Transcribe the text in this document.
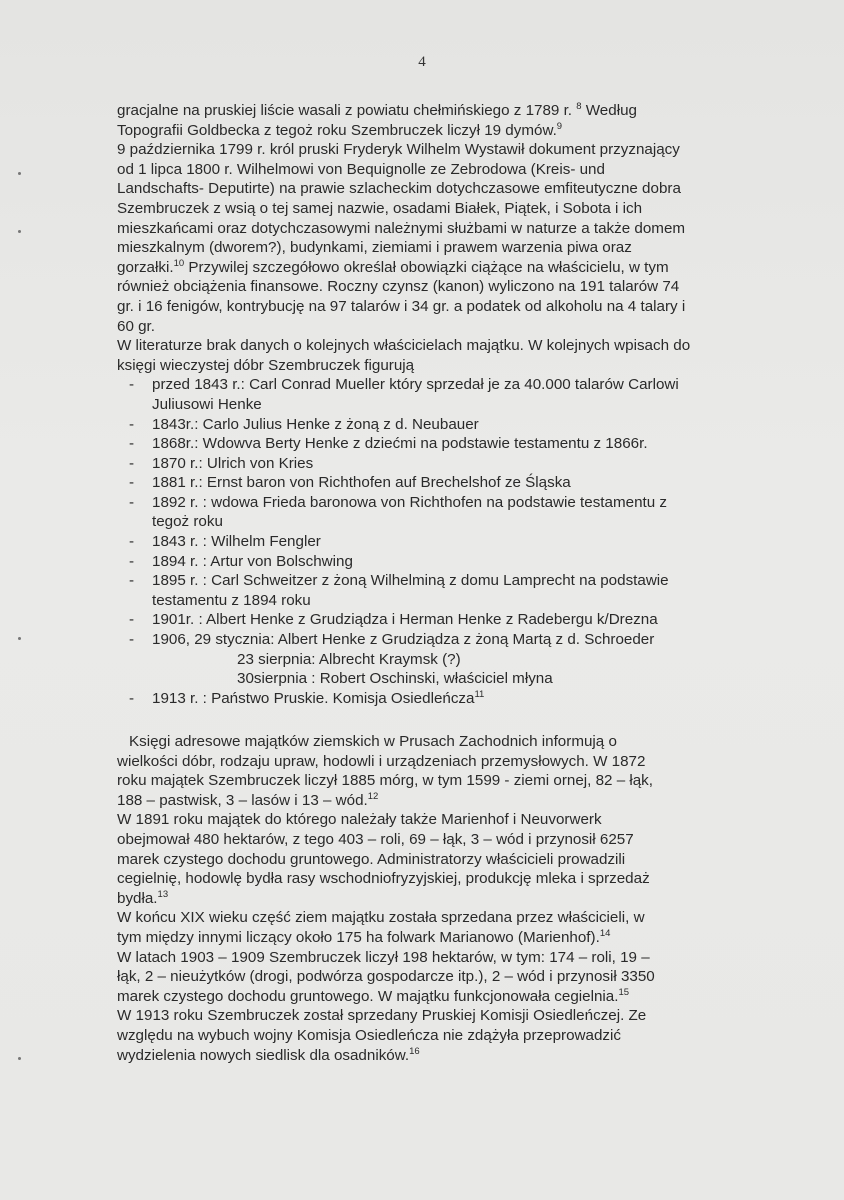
4

gracjalne na pruskiej liście wasali z powiatu chełmińskiego z 1789 r. $^8$ Według

Topografii Goldbecka z tegoż roku Szembruczek liczył 19 dymów.$^9$

9 października 1799 r. król pruski Fryderyk Wilhelm Wystawił dokument przyznający

od 1 lipca 1800 r. Wilhelmowi von Bequignolle ze Zebrodowa (Kreis- und

Landschafts- Deputirte) na prawie szlacheckim dotychczasowe emfiteutyczne dobra

Szembruczek z wsią o tej samej nazwie, osadami Białek, Piątek, i Sobota i ich

mieszkańcami oraz dotychczasowymi należnymi służbami w naturze a także domem

mieszkalnym (dworem?), budynkami, ziemiami i prawem warzenia piwa oraz

gorzałki.$^{10}$ Przywilej szczegółowo określał obowiązki ciążące na właścicielu, w tym

również obciążenia finansowe. Roczny czynsz (kanon) wyliczono na 191 talarów 74

gr. i 16 fenigów, kontrybucję na 97 talarów i 34 gr. a podatek od alkoholu na 4 talary i

60 gr.

W literaturze brak danych o kolejnych właścicielach majątku. W kolejnych wpisach do

księgi wieczystej dóbr Szembruczek figurują

- przed 1843 r.: Carl Conrad Mueller który sprzedał je za 40.000 talarów Carlowi
Juliusowi Henke
- 1843r.: Carlo Julius Henke z żoną z d. Neubauer
- 1868r.: Wdowva Berty Henke z dziećmi na podstawie testamentu z 1866r.
- 1870 r.: Ulrich von Kries
- 1881 r.: Ernst baron von Richthofen auf Brechelshof ze Śląska
- 1892 r. : wdowa Frieda baronowa von Richthofen na podstawie testamentu z
tegoż roku
- 1843 r. : Wilhelm Fengler
- 1894 r. : Artur von Bolschwing
- 1895 r. : Carl Schweitzer z żoną Wilhelminą z domu Lamprecht na podstawie
testamentu z 1894 roku
- 1901r. : Albert Henke z Grudziądza i Herman Henke z Radebergu k/Drezna
- 1906, 29 stycznia: Albert Henke z Grudziądza z żoną Martą z d. Schroeder
23 sierpnia: Albrecht Kraymsk (?)
30sierpnia : Robert Oschinski, właściciel młyna
- 1913 r. : Państwo Pruskie. Komisja Osiedleńcza$^{11}$

Księgi adresowe majątków ziemskich w Prusach Zachodnich informują o

wielkości dóbr, rodzaju upraw, hodowli i urządzeniach przemysłowych. W 1872

roku majątek Szembruczek liczył 1885 mórg, w tym 1599 - ziemi ornej, 82 – łąk,

188 – pastwisk, 3 – lasów i 13 – wód.$^{12}$

W 1891 roku majątek do którego należały także Marienhof i Neuvorwerk

obejmował 480 hektarów, z tego 403 – roli, 69 – łąk, 3 – wód i przynosił 6257

marek czystego dochodu gruntowego. Administratorzy właścicieli prowadzili

cegielnię, hodowlę bydła rasy wschodniofryzyjskiej, produkcję mleka i sprzedaż

bydła.$^{13}$

W końcu XIX wieku część ziem majątku została sprzedana przez właścicieli, w

tym między innymi liczący około 175 ha folwark Marianowo (Marienhof).$^{14}$

W latach 1903 – 1909 Szembruczek liczył 198 hektarów, w tym: 174 – roli, 19 –

łąk, 2 – nieużytków (drogi, podwórza gospodarcze itp.), 2 – wód i przynosił 3350

marek czystego dochodu gruntowego. W majątku funkcjonowała cegielnia.$^{15}$

W 1913 roku Szembruczek został sprzedany Pruskiej Komisji Osiedleńczej. Ze

względu na wybuch wojny Komisja Osiedleńcza nie zdążyła przeprowadzić

wydzielenia nowych siedlisk dla osadników.$^{16}$
